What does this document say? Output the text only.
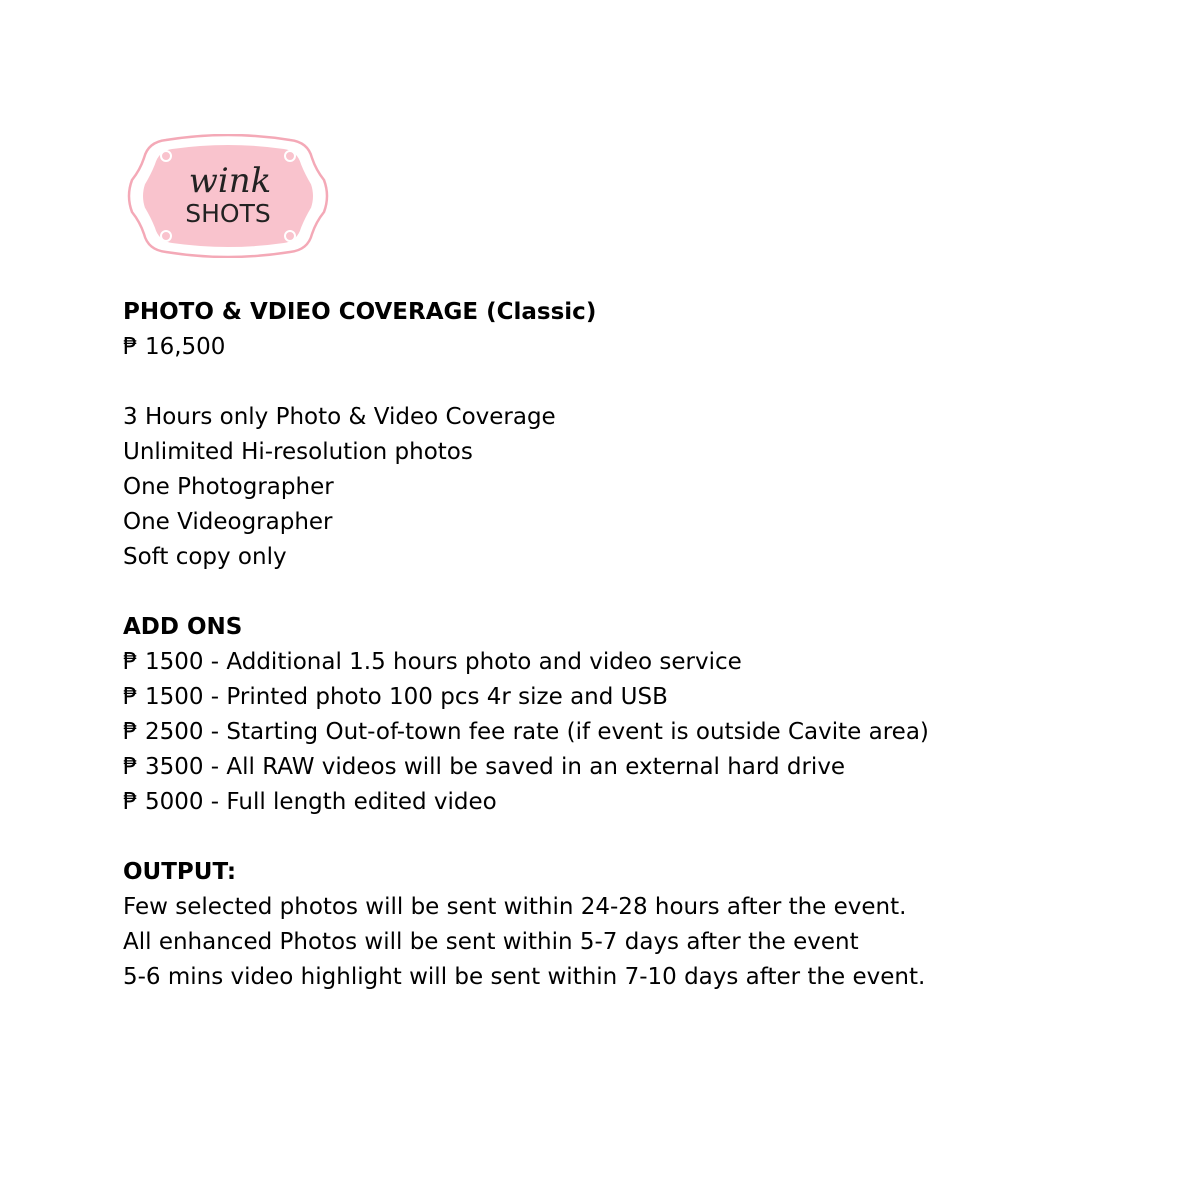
wink
SHOTS
PHOTO & VDIEO COVERAGE (Classic)
₱ 16,500
3 Hours only Photo & Video Coverage
Unlimited Hi-resolution photos
One Photographer
One Videographer
Soft copy only
ADD ONS
₱ 1500 - Additional 1.5 hours photo and video service
₱ 1500 - Printed photo 100 pcs 4r size and USB
₱ 2500 - Starting Out-of-town fee rate (if event is outside Cavite area)
₱ 3500 - All RAW videos will be saved in an external hard drive
₱ 5000 - Full length edited video
OUTPUT:
Few selected photos will be sent within 24-28 hours after the event.
All enhanced Photos will be sent within 5-7 days after the event
5-6 mins video highlight will be sent within 7-10 days after the event.
